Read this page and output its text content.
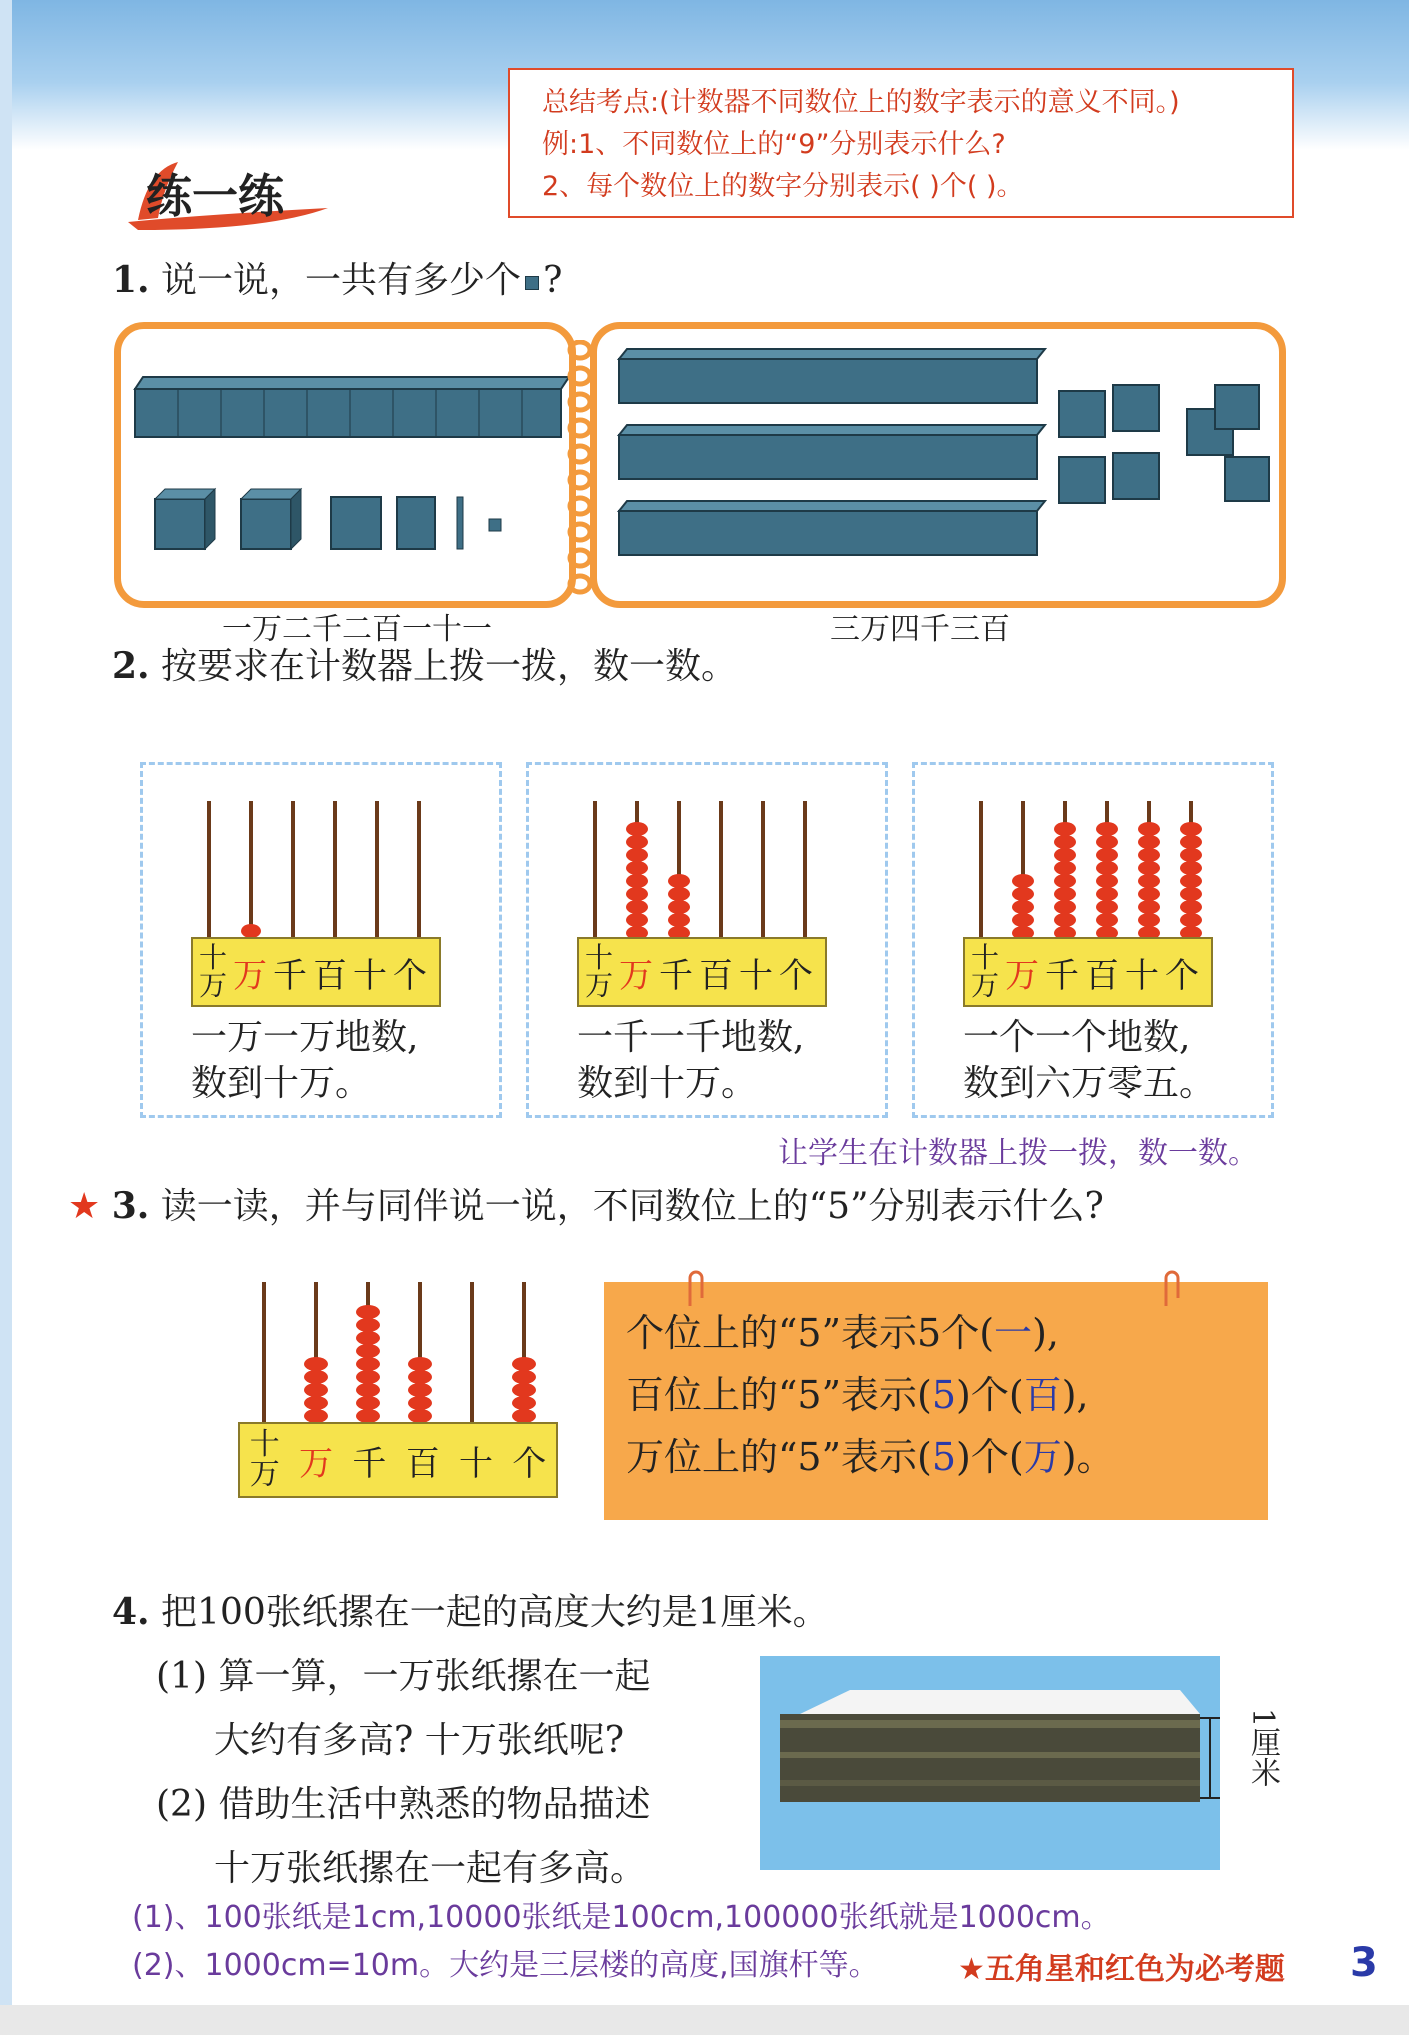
总结考点:(计数器不同数位上的数字表示的意义不同。)
例:1、不同数位上的“9”分别表示什么?
2、每个数位上的数字分别表示( )个( )。
练一练
1. 说一说，一共有多少个 ?
一万二千二百一十一	三万四千三百
2. 按要求在计数器上拨一拨，数一数。
十万 万 千 百 十 个
一万一万地数,
数到十万。
十万 万 千 百 十 个
一千一千地数,
数到十万。
十万 万 千 百 十 个
一个一个地数,
数到六万零五。
让学生在计数器上拨一拨，数一数。
★ 3. 读一读，并与同伴说一说，不同数位上的“5”分别表示什么?
十万 万 千 百 十 个
个位上的“5”表示5个(一),
百位上的“5”表示(5)个(百),
万位上的“5”表示(5)个(万)。
4. 把100张纸摞在一起的高度大约是1厘米。
(1) 算一算，一万张纸摞在一起
大约有多高? 十万张纸呢?
(2) 借助生活中熟悉的物品描述
十万张纸摞在一起有多高。
1厘米
(1)、100张纸是1cm,10000张纸是100cm,100000张纸就是1000cm。
(2)、1000cm=10m。大约是三层楼的高度,国旗杆等。	★五角星和红色为必考题 3
